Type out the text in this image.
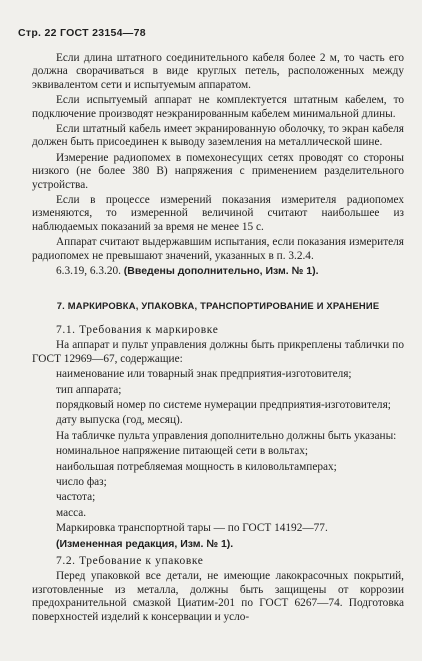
Стр. 22 ГОСТ 23154—78

Если длина штатного соединительного кабеля более 2 м, то часть его должна сворачиваться в виде круглых петель, расположенных между эквивалентом сети и испытуемым аппаратом.

Если испытуемый аппарат не комплектуется штатным кабелем, то подключение производят неэкранированным кабелем минимальной длины.

Если штатный кабель имеет экранированную оболочку, то экран кабеля должен быть присоединен к выводу заземления на металлической шине.

Измерение радиопомех в помехонесущих сетях проводят со стороны низкого (не более 380 В) напряжения с применением разделительного устройства.

Если в процессе измерений показания измерителя радиопомех изменяются, то измеренной величиной считают наибольшее из наблюдаемых показаний за время не менее 15 с.

Аппарат считают выдержавшим испытания, если показания измерителя радиопомех не превышают значений, указанных в п. 3.2.4.

6.3.19, 6.3.20. (Введены дополнительно, Изм. № 1).

7. МАРКИРОВКА, УПАКОВКА, ТРАНСПОРТИРОВАНИЕ И ХРАНЕНИЕ
7.1. Требования к маркировке

На аппарат и пульт управления должны быть прикреплены таблички по ГОСТ 12969—67, содержащие:

наименование или товарный знак предприятия-изготовителя;

тип аппарата;

порядковый номер по системе нумерации предприятия-изготовителя;

дату выпуска (год, месяц).

На табличке пульта управления дополнительно должны быть указаны:

номинальное напряжение питающей сети в вольтах;

наибольшая потребляемая мощность в киловольтамперах;

число фаз;

частота;

масса.

Маркировка транспортной тары — по ГОСТ 14192—77.

(Измененная редакция, Изм. № 1).
7.2. Требование к упаковке

Перед упаковкой все детали, не имеющие лакокрасочных покрытий, изготовленные из металла, должны быть защищены от коррозии предохранительной смазкой Циатим-201 по ГОСТ 6267—74. Подготовка поверхностей изделий к консервации и усло-
